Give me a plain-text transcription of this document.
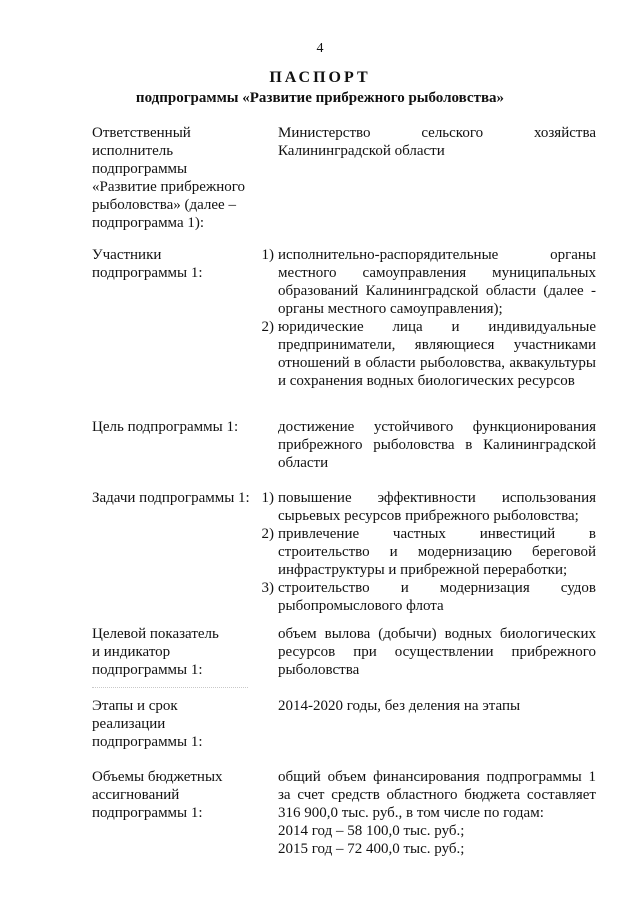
4
ПАСПОРТ
подпрограммы «Развитие прибрежного рыболовства»
Ответственный
исполнитель
подпрограммы
«Развитие прибрежного
рыболовства» (далее –
подпрограмма 1):
Министерство сельского хозяйства Калининградской области
Участники
подпрограммы 1:
1) исполнительно-распорядительные органы местного самоуправления муниципальных образований Калининградской области (далее - органы местного самоуправления);
2) юридические лица и индивидуальные предприниматели, являющиеся участниками отношений в области рыболовства, аквакультуры и сохранения водных биологических ресурсов
Цель подпрограммы 1:	достижение устойчивого функционирования прибрежного рыболовства в Калининградской области
Задачи подпрограммы 1: 1) повышение эффективности использования сырьевых ресурсов прибрежного рыболовства;
2) привлечение частных инвестиций в строительство и модернизацию береговой инфраструктуры и прибрежной переработки;
3) строительство и модернизация судов рыбопромыслового флота
Целевой показатель
и индикатор
подпрограммы 1:
объем вылова (добычи) водных биологических ресурсов при осуществлении прибрежного рыболовства
Этапы и срок
реализации
подпрограммы 1:
2014-2020 годы, без деления на этапы
Объемы бюджетных
ассигнований
подпрограммы 1:
общий объем финансирования подпрограммы 1 за счет средств областного бюджета составляет 316 900,0 тыс. руб., в том числе по годам:
2014 год – 58 100,0 тыс. руб.;
2015 год – 72 400,0 тыс. руб.;
